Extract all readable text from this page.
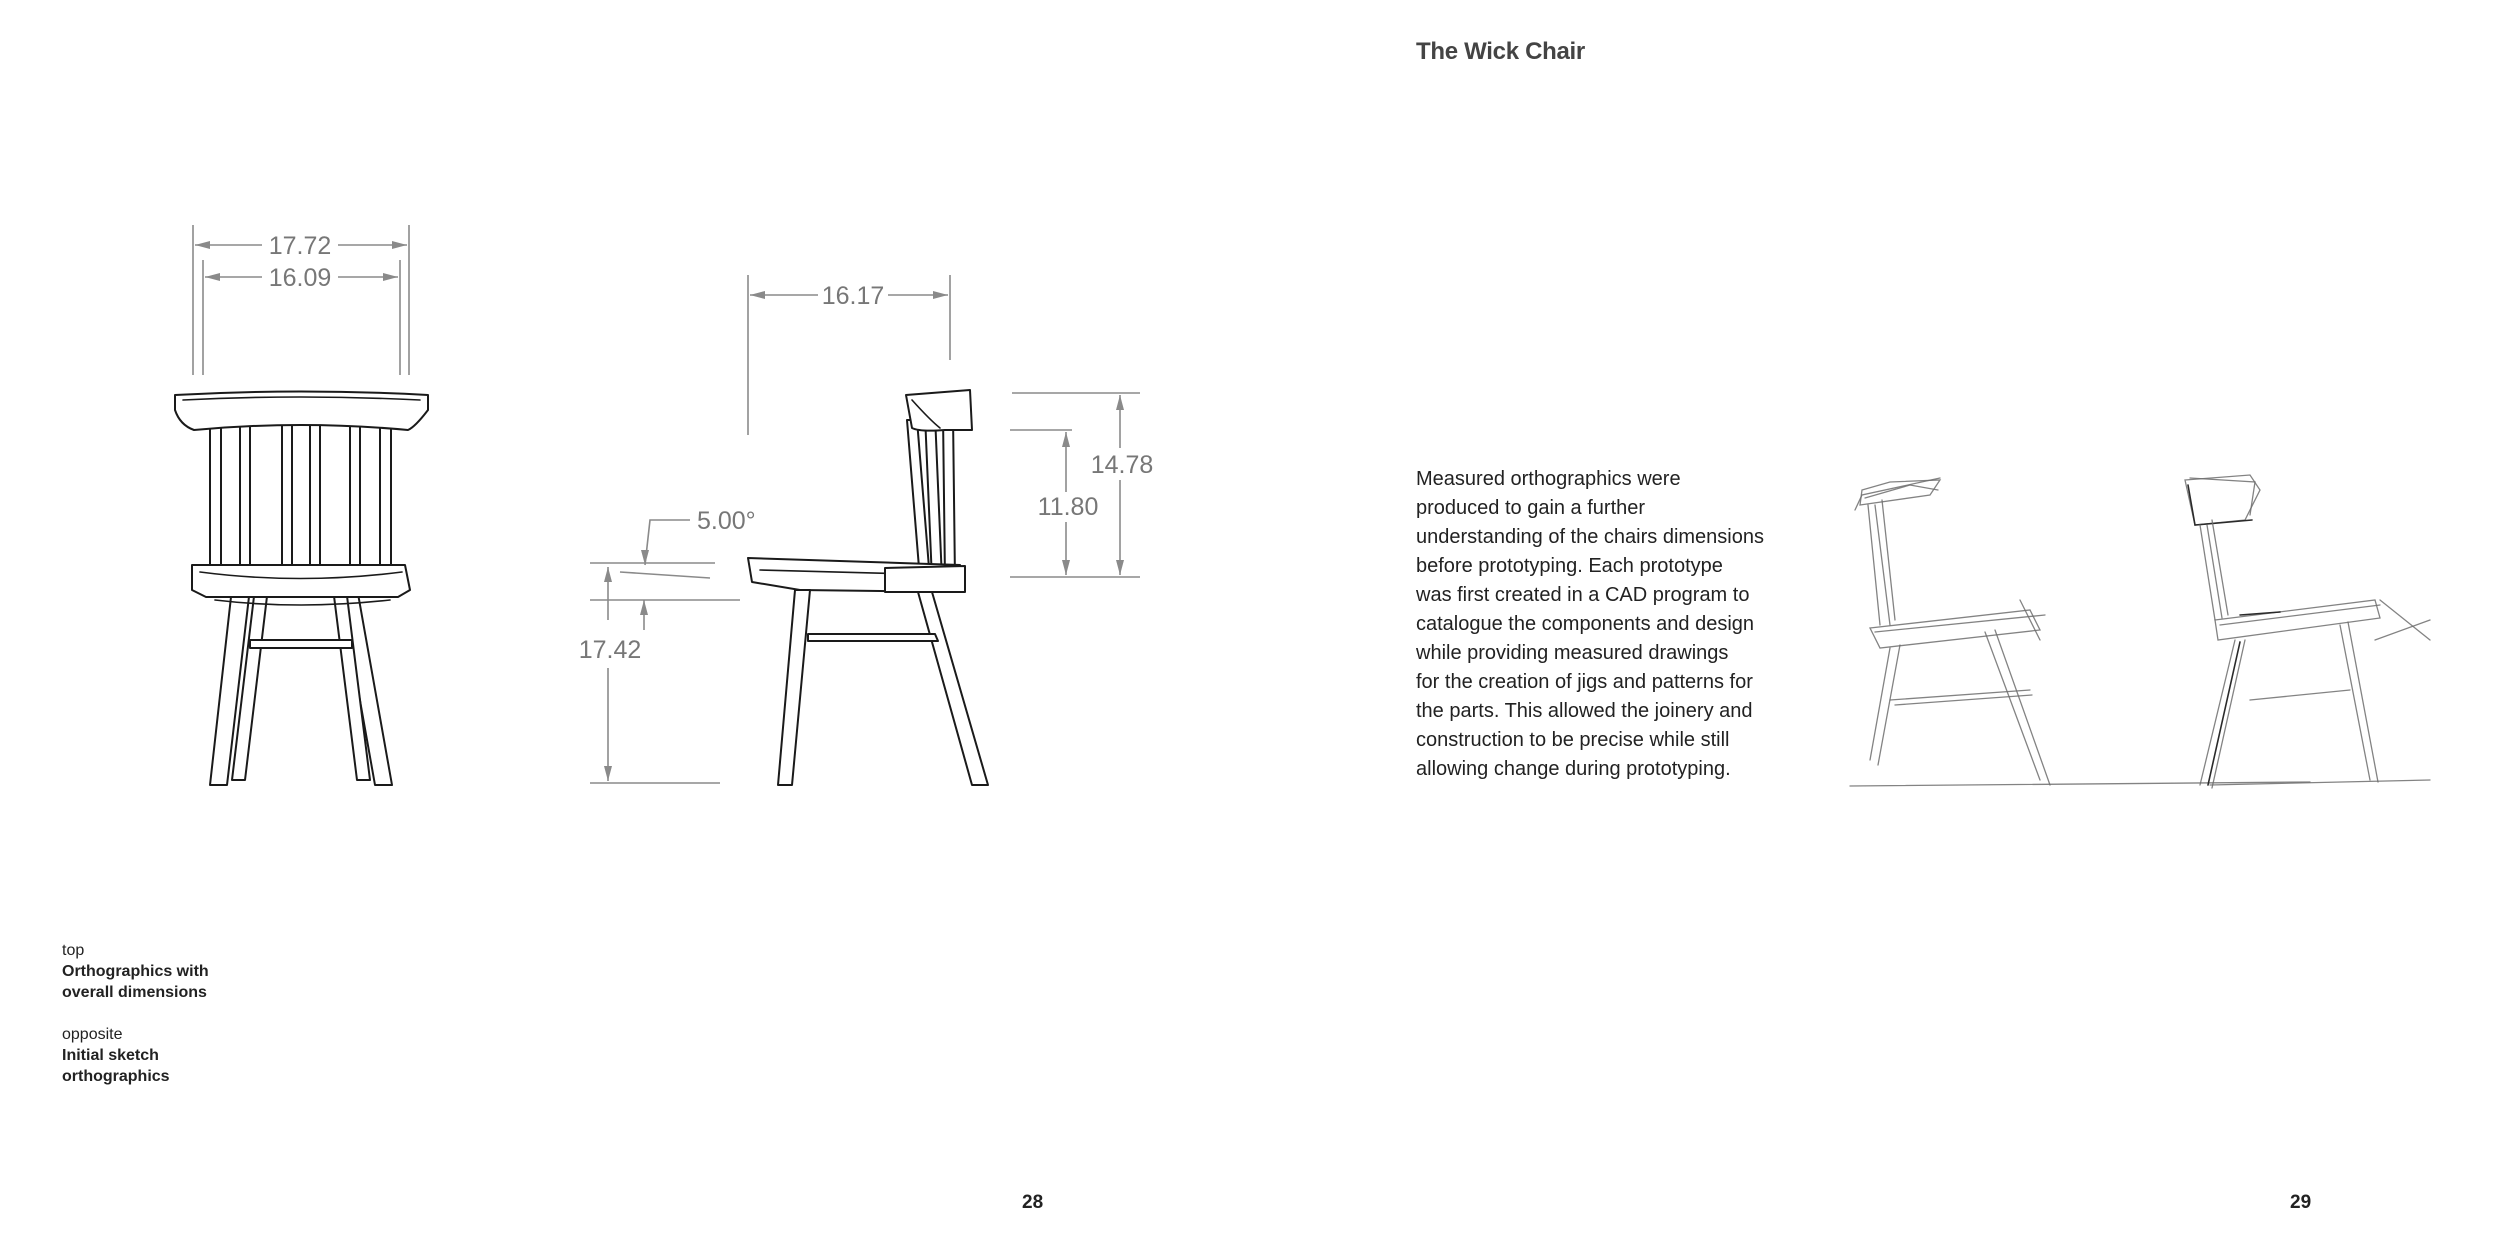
17.72
16.09
16.17
14.78
11.80
5.00°
17.42
top
Orthographics with
overall dimensions
opposite
Initial sketch
orthographics
28
The Wick Chair
Measured orthographics were
produced to gain a further
understanding of the chairs dimensions
before prototyping. Each prototype
was first created in a CAD program to
catalogue the components and design
while providing measured drawings
for the creation of jigs and patterns for
the parts. This allowed the joinery and
construction to be precise while still
allowing change during prototyping.
29
